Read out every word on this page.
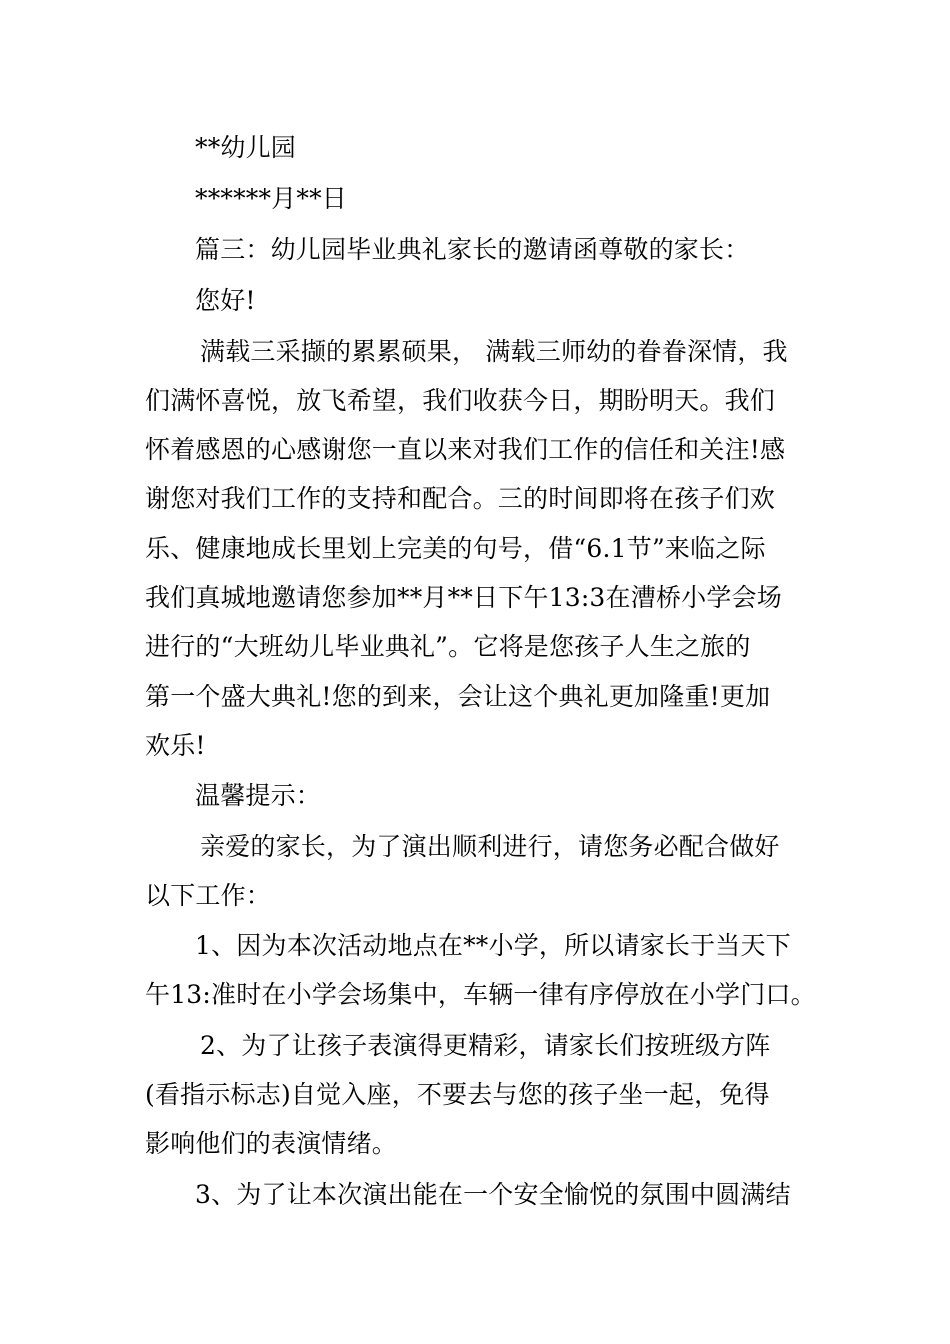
**幼儿园
******月**日
篇三：幼儿园毕业典礼家长的邀请函尊敬的家长：
您好!
满载三采撷的累累硕果， 满载三师幼的眷眷深情，我
们满怀喜悦，放飞希望，我们收获今日，期盼明天。我们
怀着感恩的心感谢您一直以来对我们工作的信任和关注!感
谢您对我们工作的支持和配合。三的时间即将在孩子们欢
乐、健康地成长里划上完美的句号，借“6.1节”来临之际
我们真城地邀请您参加**月**日下午13:3在漕桥小学会场
进行的“大班幼儿毕业典礼”。它将是您孩子人生之旅的
第一个盛大典礼!您的到来，会让这个典礼更加隆重!更加
欢乐!
温馨提示：
亲爱的家长，为了演出顺利进行，请您务必配合做好
以下工作：
1、因为本次活动地点在**小学，所以请家长于当天下
午13:准时在小学会场集中，车辆一律有序停放在小学门口。
2、为了让孩子表演得更精彩，请家长们按班级方阵
(看指示标志)自觉入座，不要去与您的孩子坐一起，免得
影响他们的表演情绪。
3、为了让本次演出能在一个安全愉悦的氛围中圆满结
